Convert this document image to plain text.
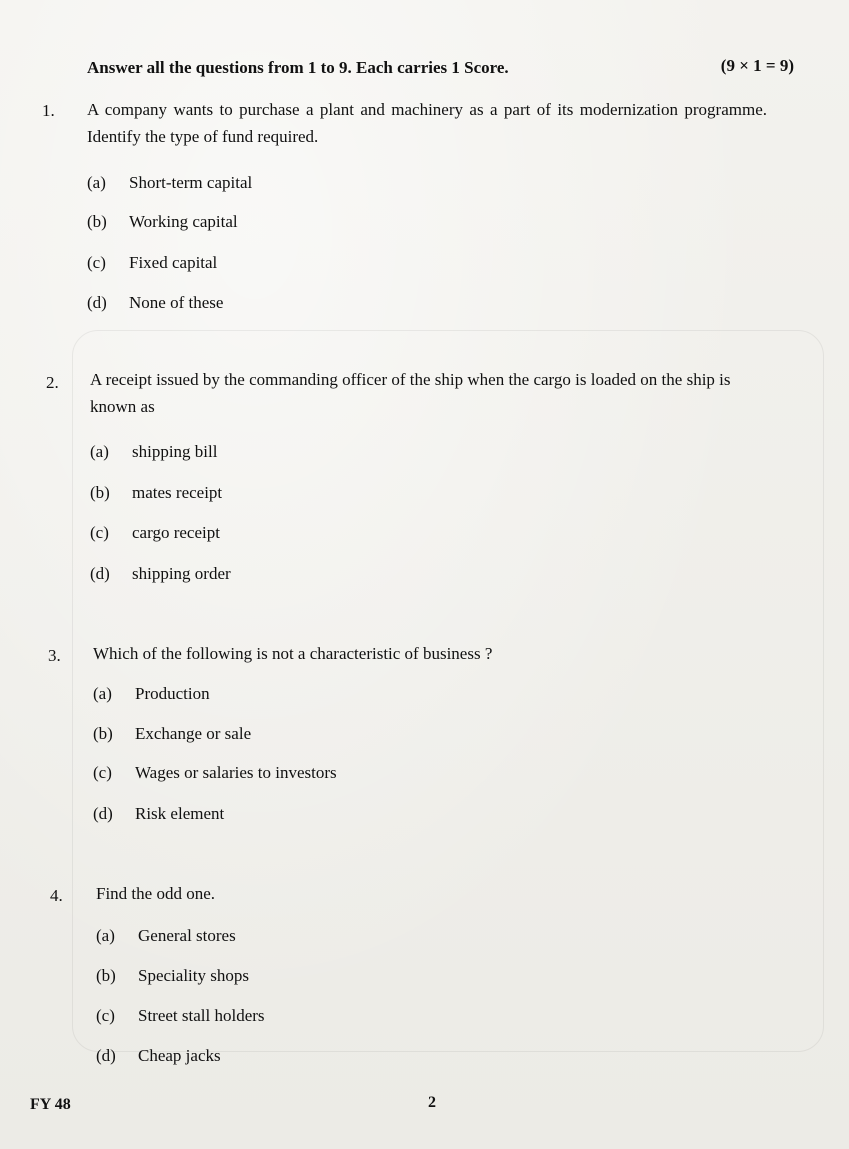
Answer all the questions from 1 to 9. Each carries 1 Score.	(9 × 1 = 9)
1. A company wants to purchase a plant and machinery as a part of its modernization programme. Identify the type of fund required.
(a) Short-term capital
(b) Working capital
(c) Fixed capital
(d) None of these
2. A receipt issued by the commanding officer of the ship when the cargo is loaded on the ship is known as
(a) shipping bill
(b) mates receipt
(c) cargo receipt
(d) shipping order
3. Which of the following is not a characteristic of business ?
(a) Production
(b) Exchange or sale
(c) Wages or salaries to investors
(d) Risk element
4. Find the odd one.
(a) General stores
(b) Speciality shops
(c) Street stall holders
(d) Cheap jacks
FY 48	2
